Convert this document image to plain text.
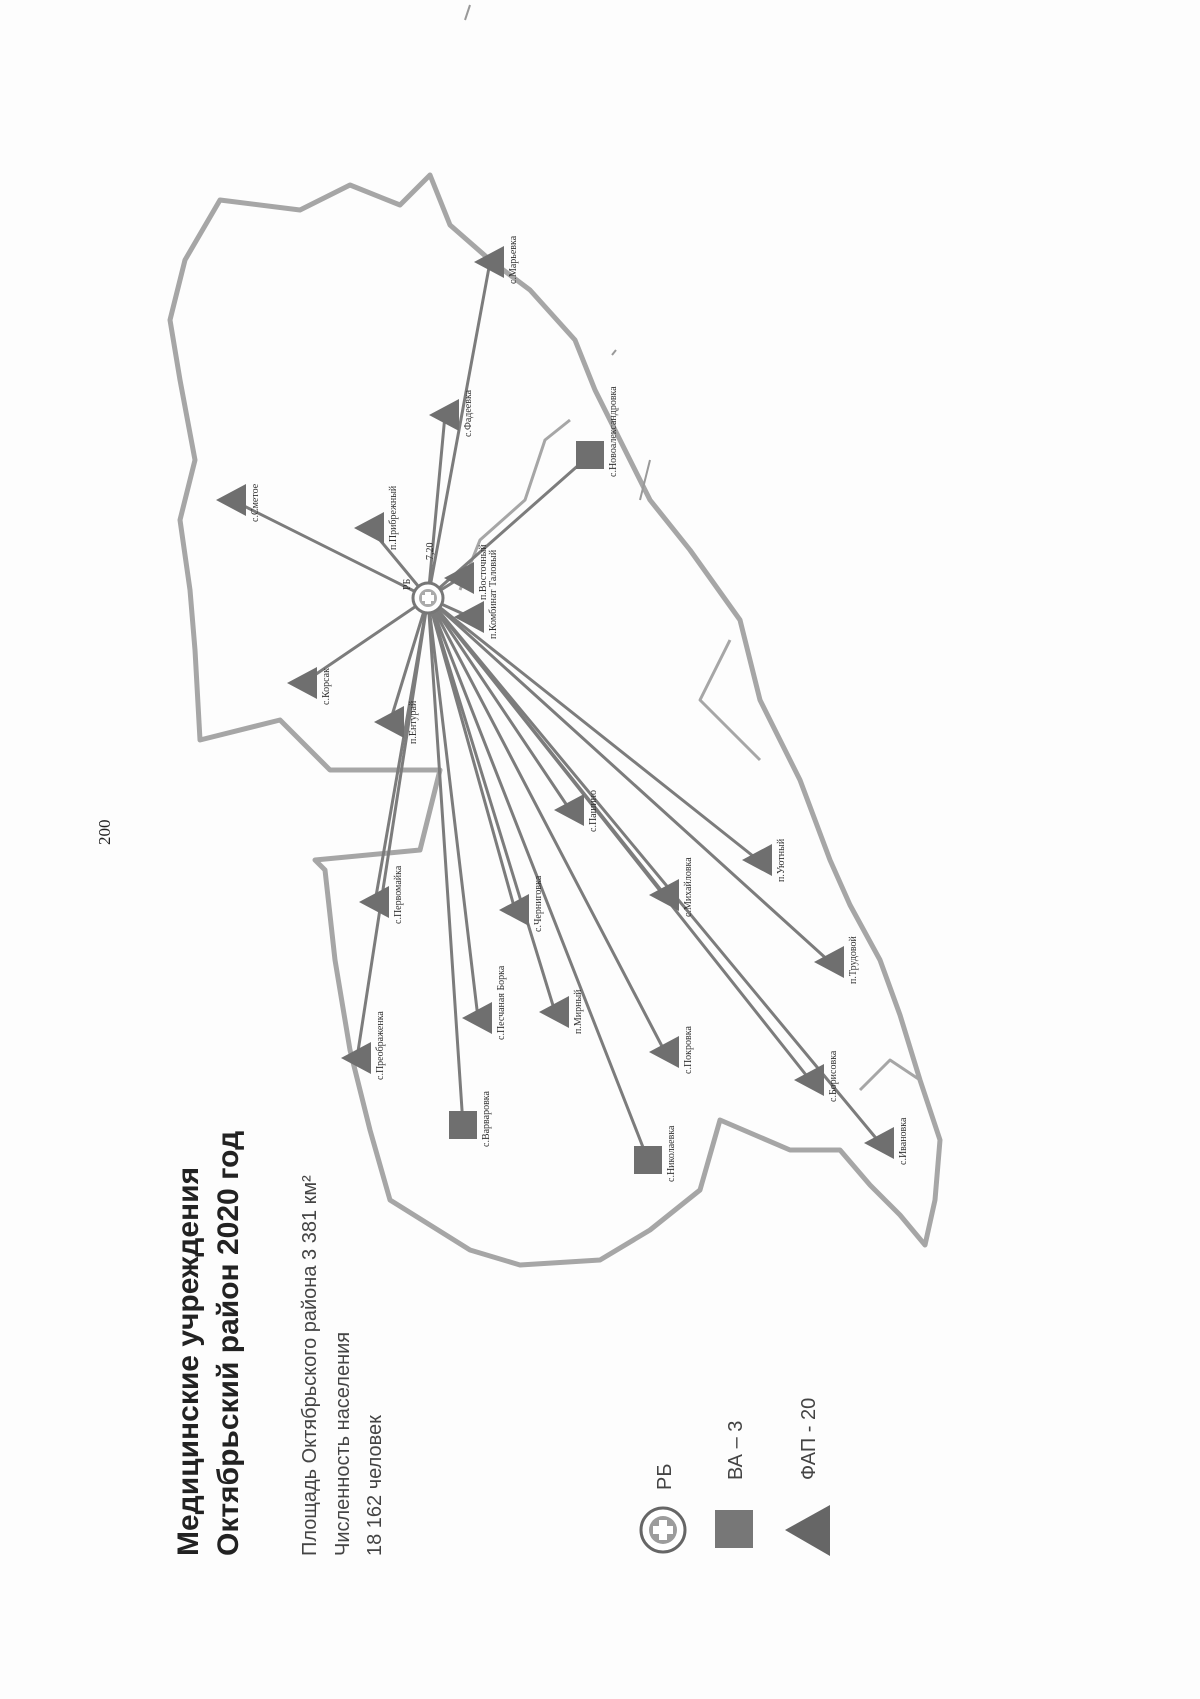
200
с.Сметое	п.Прибрежный
с.Марьевка
с.Фадеевка	с.Новоалександровка
п.Восточный п.Комбинат Таловый
с.Корсак
п.Ентурай
с.Первомайка	с.Черниговка
с.Пашино
п.Уютный
с.Михайловка
с.Преображенка
с.Песчаная Борка	п.Мирный
с.Покровка
п.Трудовой
с.Варваровка
с.Николаевка
с.Борисовка
с.Ивановка
РБ
7,20
Медицинские учреждения Октябрьский район 2020 год	Площадь Октябрьского района 3 381 км² Численность населения 18 162 человек	РБ ВА – 3	ФАП - 20
